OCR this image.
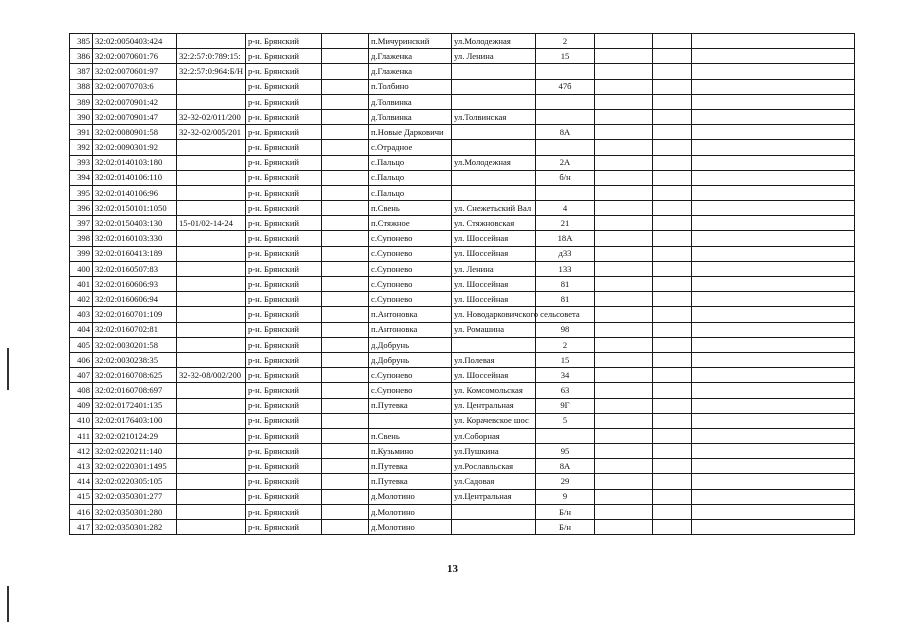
385	32:02:0050403:424		р-н. Брянский		п.Мичуринский	ул.Молодежная	2			
386	32:02:0070601:76	32:2:57:0:789:15:	р-н. Брянский		д.Глаженка	ул. Ленина	15			
387	32:02:0070601:97	32:2:57:0:964:Б/Н	р-н. Брянский		д.Глаженка					
388	32:02:0070703:6		р-н. Брянский		п.Толбино		47б			
389	32:02:0070901:42		р-н. Брянский		д.Толвинка					
390	32:02:0070901:47	32-32-02/011/200	р-н. Брянский		д.Толвинка	ул.Толвинская				
391	32:02:0080901:58	32-32-02/005/201	р-н. Брянский		п.Новые Дарковичи		8А			
392	32:02:0090301:92		р-н. Брянский		с.Отрадное					
393	32:02:0140103:180		р-н. Брянский		с.Пальцо	ул.Молодежная	2А			
394	32:02:0140106:110		р-н. Брянский		с.Пальцо		б/н			
395	32:02:0140106:96		р-н. Брянский		с.Пальцо					
396	32:02:0150101:1050		р-н. Брянский		п.Свень	ул. Снежетьский Вал	4			
397	32:02:0150403:130	15-01/02-14-24	р-н. Брянский		п.Стяжное	ул. Стяжновская	21			
398	32:02:0160103:330		р-н. Брянский		с.Супонево	ул. Шоссейная	18А			
399	32:02:0160413:189		р-н. Брянский		с.Супонево	ул. Шоссейная	д33			
400	32:02:0160507:83		р-н. Брянский		с.Супонево	ул. Ленина	133			
401	32:02:0160606:93		р-н. Брянский		с.Супонево	ул. Шоссейная	81			
402	32:02:0160606:94		р-н. Брянский		с.Супонево	ул. Шоссейная	81			
403	32:02:0160701:109		р-н. Брянский		п.Антоновка	ул. Новодарковичского сельсовета				
404	32:02:0160702:81		р-н. Брянский		п.Антоновка	ул. Ромашина	98			
405	32:02:0030201:58		р-н. Брянский		д.Добрунь		2			
406	32:02:0030238:35		р-н. Брянский		д.Добрунь	ул.Полевая	15			
407	32:02:0160708:625	32-32-08/002/200	р-н. Брянский		с.Супонево	ул. Шоссейная	34			
408	32:02:0160708:697		р-н. Брянский		с.Супонево	ул. Комсомольская	63			
409	32:02:0172401:135		р-н. Брянский		п.Путевка	ул. Центральная	9Г			
410	32:02:0176403:100		р-н. Брянский			ул. Корачевское шос	5			
411	32:02:0210124:29		р-н. Брянский		п.Свень	ул.Соборная				
412	32:02:0220211:140		р-н. Брянский		п.Кузьмино	ул.Пушкина	95			
413	32:02:0220301:1495		р-н. Брянский		п.Путевка	ул.Рославльская	8А			
414	32:02:0220305:105		р-н. Брянский		п.Путевка	ул.Садовая	29			
415	32:02:0350301:277		р-н. Брянский		д.Молотино	ул.Центральная	9			
416	32:02:0350301:280		р-н. Брянский		д.Молотино		Б/н			
417	32:02:0350301:282		р-н. Брянский		д.Молотино		Б/н			
13
